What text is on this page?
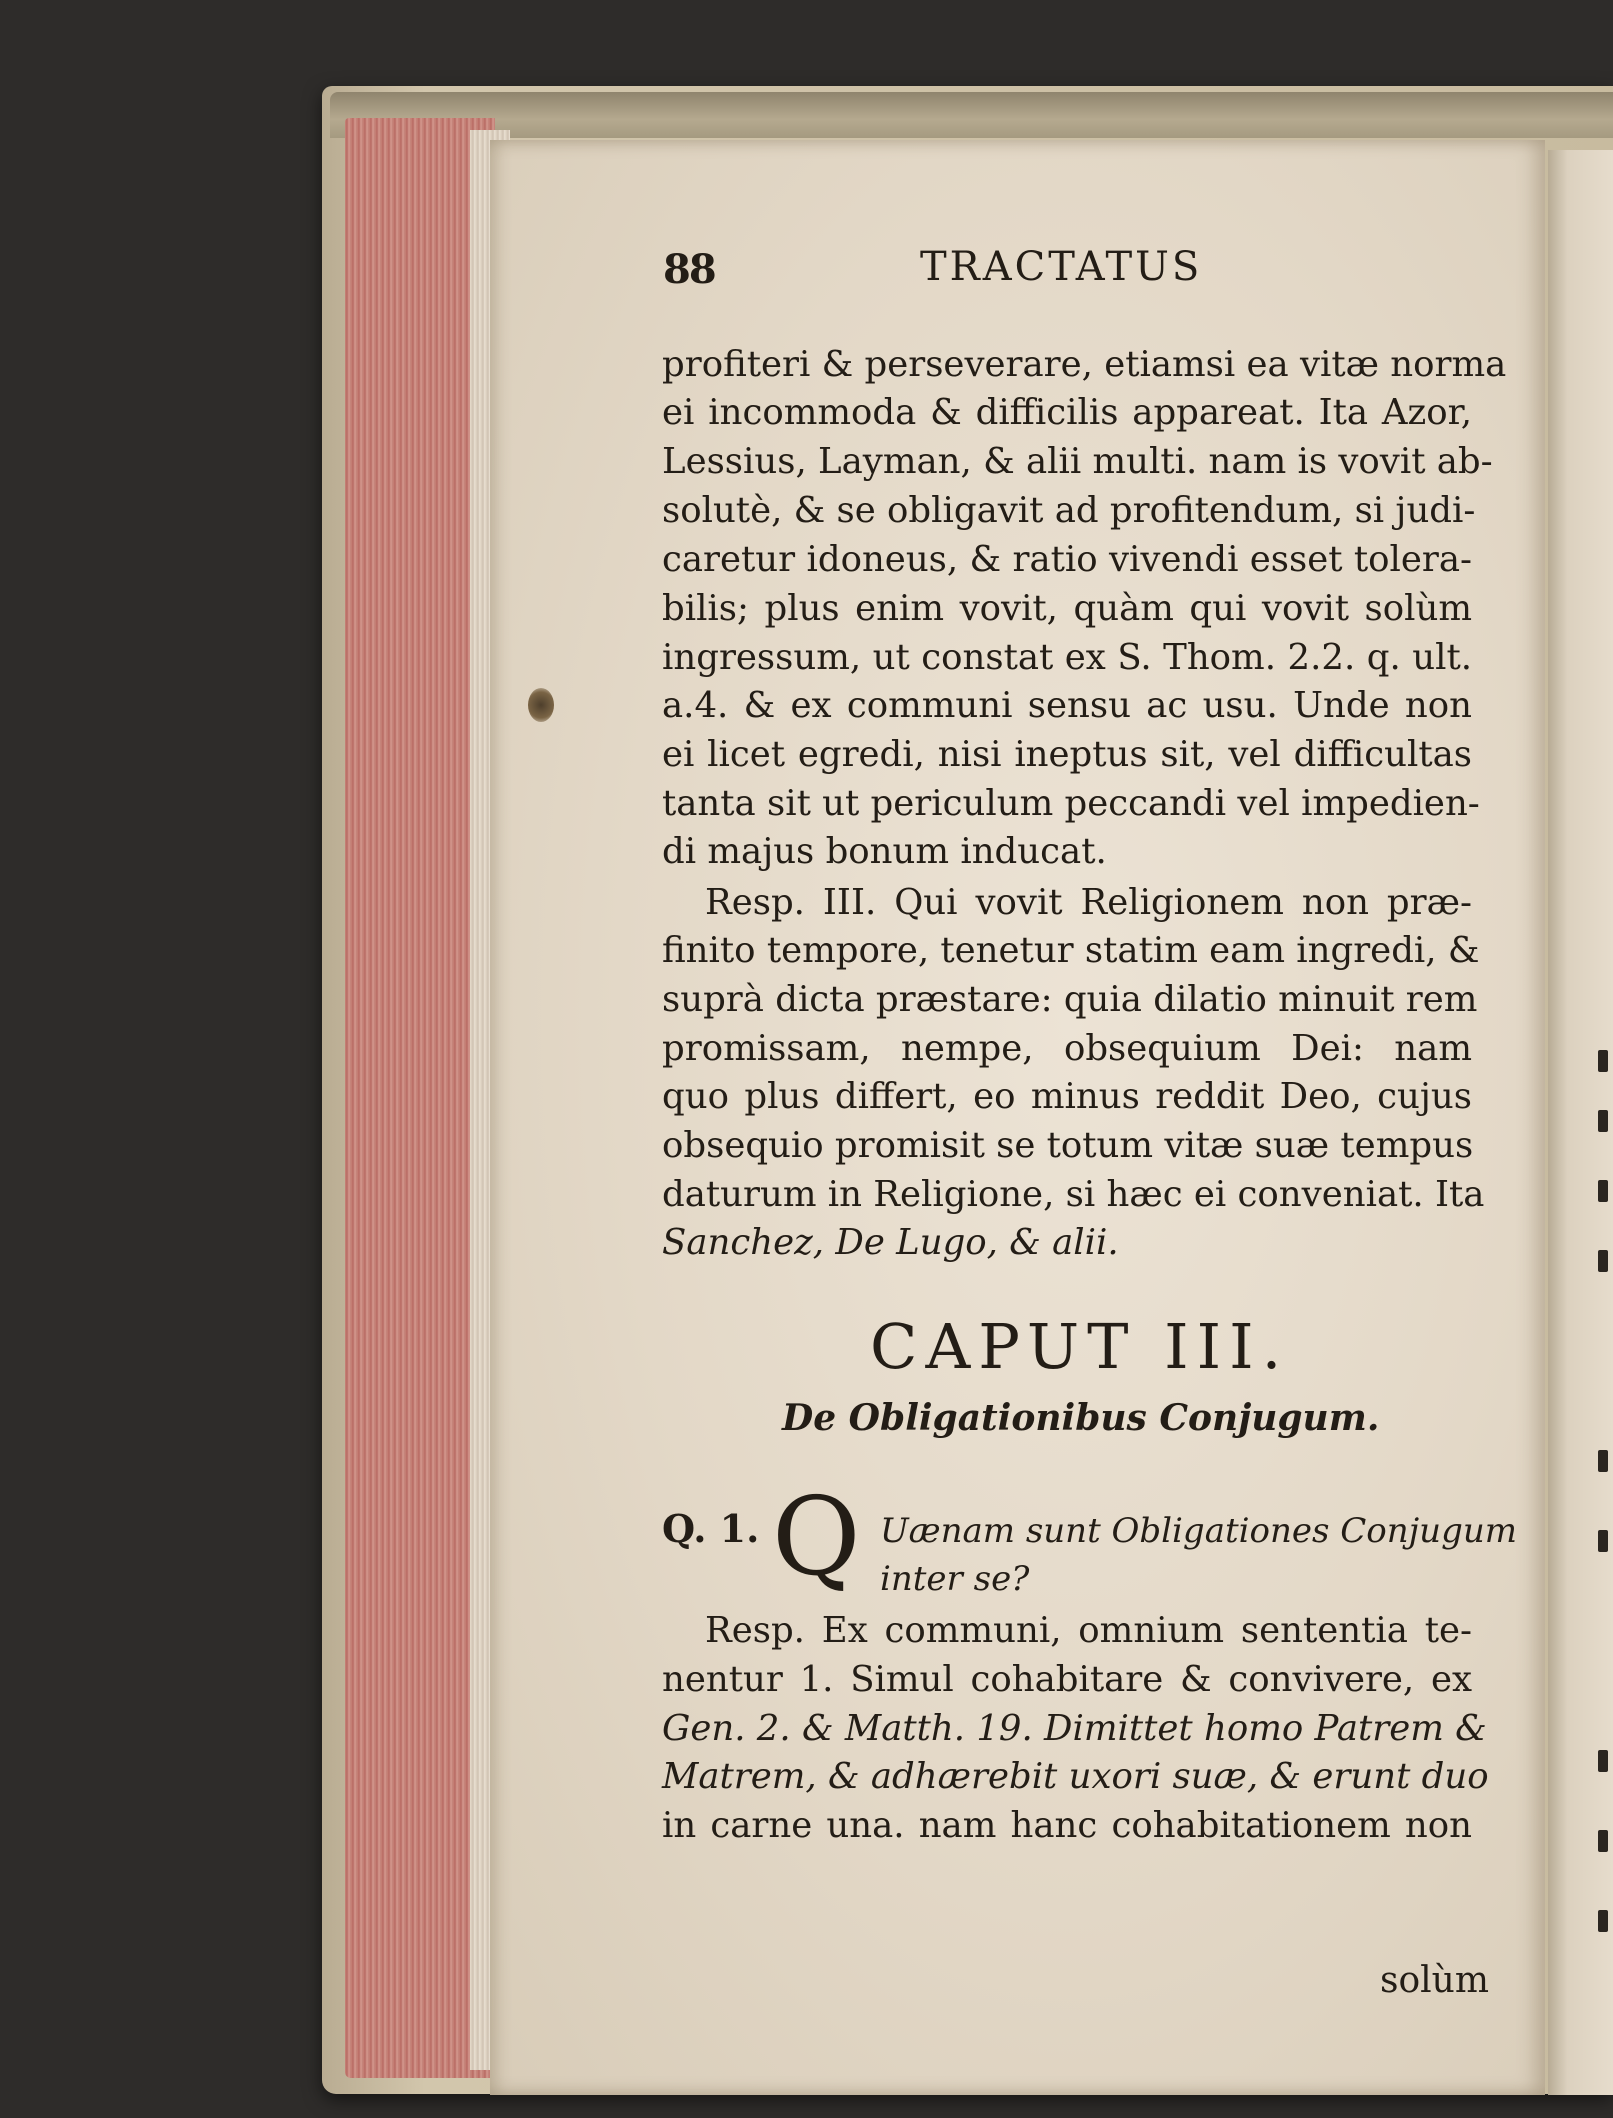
88	TRACTATUS
profiteri & perseverare, etiamsi ea vitæ norma
ei incommoda & difficilis appareat. Ita Azor,
Lessius, Layman, & alii multi. nam is vovit ab-
solutè, & se obligavit ad profitendum, si judi-
caretur idoneus, & ratio vivendi esset tolera-
bilis; plus enim vovit, quàm qui vovit solùm
ingressum, ut constat ex S. Thom. 2.2. q. ult.
a.4. & ex communi sensu ac usu. Unde non
ei licet egredi, nisi ineptus sit, vel difficultas
tanta sit ut periculum peccandi vel impedien-
di majus bonum inducat.
Resp. III. Qui vovit Religionem non præ-
finito tempore, tenetur statim eam ingredi, &
suprà dicta præstare: quia dilatio minuit rem
promissam, nempe, obsequium Dei: nam
quo plus differt, eo minus reddit Deo, cujus
obsequio promisit se totum vitæ suæ tempus
daturum in Religione, si hæc ei conveniat. Ita
Sanchez, De Lugo, & alii.
CAPUT III.
De Obligationibus Conjugum.
Q. 1. Q Uænam sunt Obligationes Conjugum
inter se?
Resp. Ex communi, omnium sententia te-
nentur 1. Simul cohabitare & convivere, ex
Gen. 2. & Matth. 19. Dimittet homo Patrem &
Matrem, & adhærebit uxori suæ, & erunt duo
in carne una. nam hanc cohabitationem non
solùm
